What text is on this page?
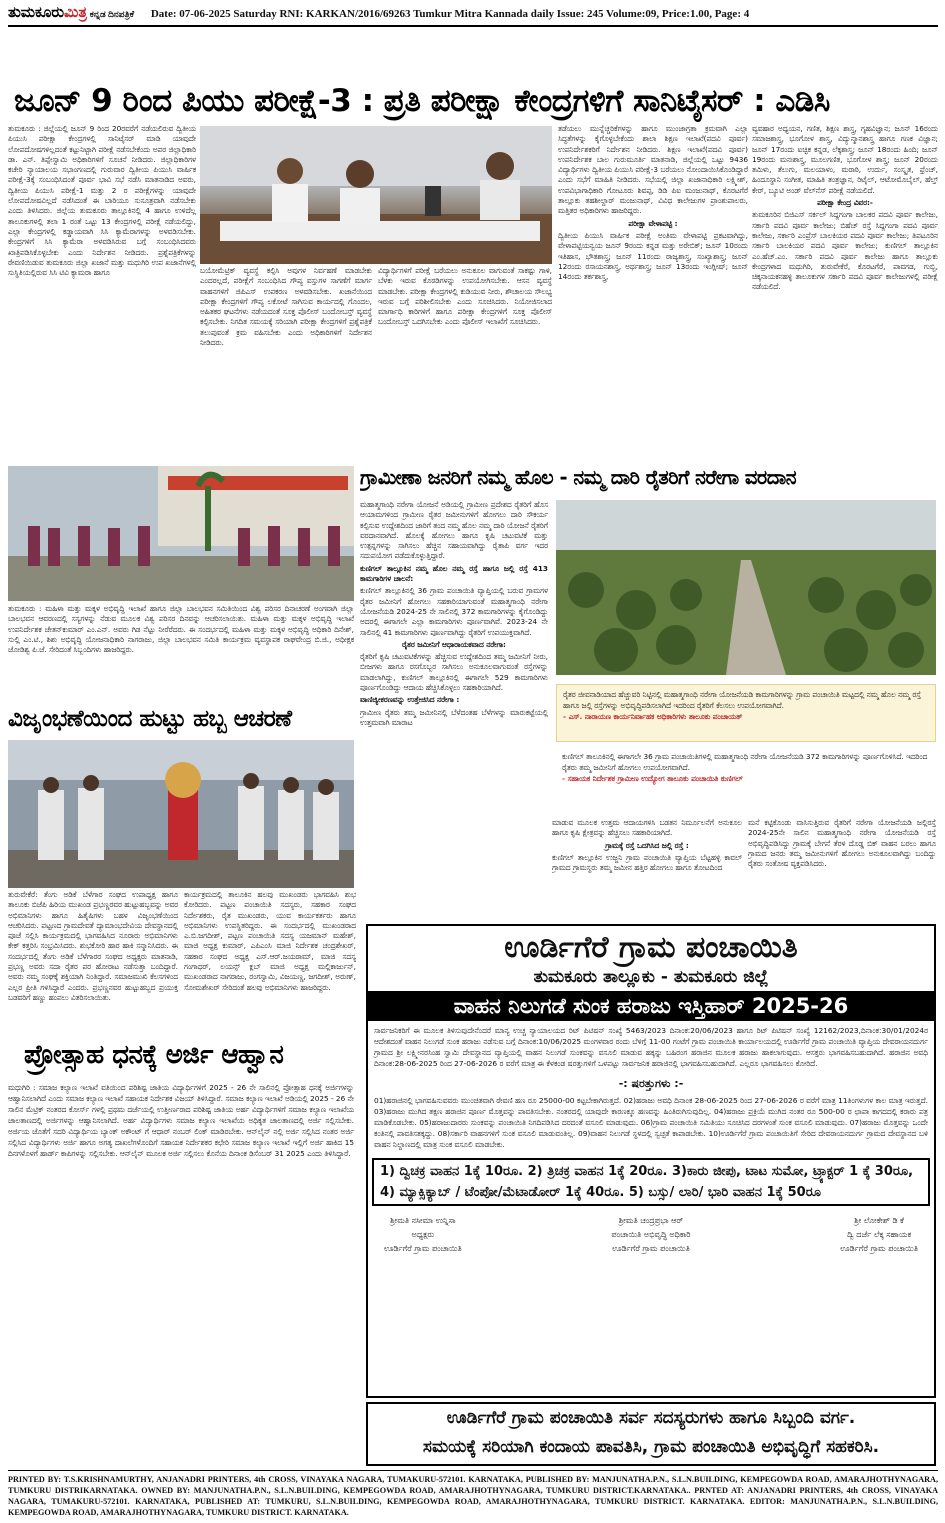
ತುಮಕೂರುಮಿತ್ರ ಕನ್ನಡ ದಿನಪತ್ರಿಕೆ Date: 07-06-2025 Saturday RNI: KARKAN/2016/69263 Tumkur Mitra Kannada daily Issue: 245 Volume:09, Price:1.00, Page: 4
ಜೂನ್ 9 ರಿಂದ ಪಿಯು ಪರೀಕ್ಷೆ-3 : ಪ್ರತಿ ಪರೀಕ್ಷಾ ಕೇಂದ್ರಗಳಿಗೆ ಸಾನಿಟೈಸರ್ : ಎಡಿಸಿ

ತುಮಕೂರು : ಜಿಲ್ಲೆಯಲ್ಲಿ ಜೂನ್ 9 ರಿಂದ 20ರವರೆಗೆ ನಡೆಯಲಿರುವ ದ್ವಿತೀಯ ಪಿಯುಸಿ ಪರೀಕ್ಷಾ ಕೇಂದ್ರಗಳಲ್ಲಿ ಸಾನಿಟೈಸರ್ ಮಾಡಿ ಯಾವುದೇ ಲೋಪದೋಷಗಳಿಲ್ಲದಂತೆ ಕಟ್ಟುನಿಟ್ಟಾಗಿ ಪರೀಕ್ಷೆ ನಡೆಸಬೇಕೆಂದು ಅಪರ ಜಿಲ್ಲಾಧಿಕಾರಿ ಡಾ. ಎನ್. ತಿಪ್ಪೇಸ್ವಾಮಿ ಅಧಿಕಾರಿಗಳಿಗೆ ಸೂಚನೆ ನೀಡಿದರು. ಜಿಲ್ಲಾಧಿಕಾರಿಗಳ ಕಚೇರಿ ನ್ಯಾಯಾಲಯ ಸಭಾಂಗಣದಲ್ಲಿ ಗುರುವಾರ ದ್ವಿತೀಯ ಪಿಯುಸಿ ವಾರ್ಷಿಕ ಪರೀಕ್ಷೆ-3ಕ್ಕೆ ಸಂಬಂಧಿಸಿದಂತೆ ಪೂರ್ವ ಭಾವಿ ಸಭೆ ನಡೆಸಿ ಮಾತನಾಡಿದ ಅವರು, ದ್ವಿತೀಯ ಪಿಯುಸಿ ಪರೀಕ್ಷೆ-1 ಮತ್ತು 2 ರ ಪರೀಕ್ಷೆಗಳನ್ನು ಯಾವುದೇ ಲೋಪದೋಷವಿಲ್ಲದೆ ನಡೆಸಿದಂತೆ ಈ ಬಾರಿಯೂ ಸುಸೂತ್ರವಾಗಿ ನಡೆಸಬೇಕು ಎಂದು ತಿಳಿಸಿದರು. ಜಿಲ್ಲೆಯ ತುಮಕೂರು ತಾಲ್ಲೂಕಿನಲ್ಲಿ 4 ಹಾಗೂ ಉಳಿದೆಲ್ಲ ತಾಲೂಕುಗಳಲ್ಲಿ ತಲಾ 1 ರಂತೆ ಒಟ್ಟು 13 ಕೇಂದ್ರಗಳಲ್ಲಿ ಪರೀಕ್ಷೆ ನಡೆಯಲಿದ್ದು, ಎಲ್ಲಾ ಕೇಂದ್ರಗಳಲ್ಲಿ ಕಡ್ಡಾಯವಾಗಿ ಸಿಸಿ ಕ್ಯಾಮೆರಾಗಳನ್ನು ಅಳವಡಿಸಬೇಕು. ಕೇಂದ್ರಗಳಿಗೆ ಸಿಸಿ ಕ್ಯಾಮೆರಾ ಅಳವಡಿಸಿರುವ ಬಗ್ಗೆ ಸಂಬಂಧಿಸಿದವರು ಖಾತ್ರಿಪಡಿಸಿಕೊಳ್ಳಬೇಕು ಎಂದು ನಿರ್ದೇಶನ ನೀಡಿದರು. ಪ್ರಶ್ನೆಪತ್ರಿಕೆಗಳನ್ನು ಠೇವಣಿಯಿಡುವ ತುಮಕೂರು ಜಿಲ್ಲಾ ಖಜಾನೆ ಮತ್ತು ಮಧುಗಿರಿ ಉಪ ಖಜಾನೆಗಳಲ್ಲಿ ಸುಸ್ಥಿತಿಯಲ್ಲಿರುವ ಸಿಸಿ ಟಿವಿ ಕ್ಯಾಮರಾ ಹಾಗೂ	ಬಯೋಮೆಟ್ರಿಕ್ ವ್ಯವಸ್ಥೆ ಕಲ್ಪಿಸಿ ಅವುಗಳ ನಿರ್ವಹಣೆ ಮಾಡಬೇಕು ಎಂದರಲ್ಲದೆ, ಪರೀಕ್ಷೆಗೆ ಸಂಬಂಧಿಸಿದ ಗೌಪ್ಯ ವಸ್ತುಗಳ ಸಾಗಣೆಗೆ ಮಾರ್ಗ ವಾಹನಗಳಿಗೆ ಜಿಪಿಎಸ್ ಉಪಕರಣ ಅಳವಡಿಸಬೇಕು. ಖಜಾನೆಯಿಂದ ಪರೀಕ್ಷಾ ಕೇಂದ್ರಗಳಿಗೆ ಗೌಪ್ಯ ಲಕೋಟೆ ಸಾಗಿಸುವ ಕಾರ್ಯದಲ್ಲಿ ಗೊಂದಲ, ಅಹಿತಕರ ಘಟನೆಗಳು ನಡೆಯದಂತೆ ಸೂಕ್ತ ಪೊಲೀಸ್ ಬಂದೋಬಸ್ತ್ ವ್ಯವಸ್ಥೆ ಕಲ್ಪಿಸಬೇಕು. ನಿಗದಿತ ಸಮಯಕ್ಕೆ ಸರಿಯಾಗಿ ಪರೀಕ್ಷಾ ಕೇಂದ್ರಗಳಿಗೆ ಪ್ರಶ್ನೆಪತ್ರಿಕೆ ತಲುಪುವಂತೆ ಕ್ರಮ ವಹಿಸಬೇಕು ಎಂದು ಅಧಿಕಾರಿಗಳಿಗೆ ನಿರ್ದೇಶನ ನೀಡಿದರು.

ವಿದ್ಯಾರ್ಥಿಗಳಿಗೆ ಪರೀಕ್ಷೆ ಬರೆಯಲು ಅನುಕೂಲ ವಾಗುವಂತೆ ಸಾಕಷ್ಟು ಗಾಳಿ, ಬೆಳಕು ಇರುವ ಕೊಠಡಿಗಳನ್ನು ಉಪಯೋಗಿಸಬೇಕು. ಆಸನ ವ್ಯವಸ್ಥೆ ಮಾಡಬೇಕು. ಪರೀಕ್ಷಾ ಕೇಂದ್ರಗಳಲ್ಲಿ ಕುಡಿಯುವ ನೀರು, ಶೌಚಾಲಯ ಸೌಲಭ್ಯ ಇರುವ ಬಗ್ಗೆ ಪರಿಶೀಲಿಸಬೇಕು ಎಂದು ಸೂಚಿಸಿದರು. ನಿಯೋಜಿಸಲಾದ ಮಾರ್ಗಾಧಿ ಕಾರಿಗಳಿಗೆ ಹಾಗೂ ಪರೀಕ್ಷಾ ಕೇಂದ್ರಗಳಿಗೆ ಸೂಕ್ತ ಪೊಲೀಸ್ ಬಂದೋಬಸ್ತ್ ಒದಗಿಸಬೇಕು ಎಂದು ಪೊಲೀಸ್ ಇಲಾಖೆಗೆ ಸೂಚಿಸಿದರು.

ತಡೆಯಲು ಮುನ್ನೆಚ್ಚರಿಕೆಗಳನ್ನು ಹಾಗೂ ಮುಂಜಾಗ್ರತಾ ಕ್ರಮವಾಗಿ ಎಲ್ಲಾ ಸಿದ್ಧತೆಗಳನ್ನು ಕೈಗೊಳ್ಳಬೇಕೆಂದು ಶಾಲಾ ಶಿಕ್ಷಣ ಇಲಾಖೆ(ಪದವಿ ಪೂರ್ವ) ಉಪನಿರ್ದೇಶಕರಿಗೆ ನಿರ್ದೇಶನ ನೀಡಿದರು. ಶಿಕ್ಷಣ ಇಲಾಖೆ(ಪದವಿ ಪೂರ್ವ) ಉಪನಿರ್ದೇಶಕ ಬಾಲ ಗುರುಮೂರ್ತಿ ಮಾತನಾಡಿ, ಜಿಲ್ಲೆಯಲ್ಲಿ ಒಟ್ಟು 9436 ವಿದ್ಯಾರ್ಥಿಗಳು ದ್ವಿತೀಯ ಪಿಯುಸಿ ಪರೀಕ್ಷೆ-3 ಬರೆಯಲು ನೋಂದಾಯಿಸಿಕೊಂಡಿದ್ದಾರೆ ಎಂದು ಸಭೆಗೆ ಮಾಹಿತಿ ನೀಡಿದರು. ಸಭೆಯಲ್ಲಿ ಜಿಲ್ಲಾ ಖಜಾನಾಧಿಕಾರಿ ಲಕ್ಷ್ಮೀಶ್, ಉಪವಿಭಾಗಾಧಿಕಾರಿ ಗೋಟೂರು ಶಿವಪ್ಪ, ಡಿಡಿ ಪಿಐ ಮಂಜುನಾಥ್, ಕೊರಟಗೆರೆ ತಾಲ್ಲೂಕು ತಹಶೀಲ್ದಾರ್ ಮಂಜುನಾಥ್, ವಿವಿಧ ಕಾಲೇಜುಗಳ ಪ್ರಾಂಶುಪಾಲರು, ಮತ್ತಿತರ ಅಧಿಕಾರಿಗಳು ಹಾಜರಿದ್ದರು.

ಪರೀಕ್ಷಾ ವೇಳಾಪಟ್ಟಿ :

ದ್ವಿತೀಯ ಪಿಯುಸಿ ವಾರ್ಷಿಕ ಪರೀಕ್ಷೆ ಅಂತಿಮ ವೇಳಾಪಟ್ಟಿ ಪ್ರಕಟವಾಗಿದ್ದು, ವೇಳಾಪಟ್ಟಿಯನ್ವಯ ಜೂನ್ 9ರಂದು ಕನ್ನಡ ಮತ್ತು ಅರೇಬಿಕ್; ಜೂನ್ 10ರಂದು ಇತಿಹಾಸ, ಭೌತಶಾಸ್ತ್ರ; ಜೂನ್ 11ರಂದು ರಾಜ್ಯಶಾಸ್ತ್ರ, ಸಂಖ್ಯಾಶಾಸ್ತ್ರ; ಜೂನ್ 12ರಂದು ರಸಾಯನಶಾಸ್ತ್ರ, ಅರ್ಥಶಾಸ್ತ್ರ; ಜೂನ್ 13ರಂದು ಇಂಗ್ಲೀಷ್; ಜೂನ್ 14ರಂದು ತರ್ಕಶಾಸ್ತ್ರ,

ವ್ಯವಹಾರ ಅಧ್ಯಯನ, ಗಣಿತ, ಶಿಕ್ಷಣ ಶಾಸ್ತ್ರ, ಗೃಹವಿಜ್ಞಾನ; ಜೂನ್ 16ರಂದು ಸಮಾಜಶಾಸ್ತ್ರ, ಭೂಗೋಳ ಶಾಸ್ತ್ರ, ವಿದ್ಯುನ್ಮಾನಶಾಸ್ತ್ರ ಹಾಗೂ ಗಣಕ ವಿಜ್ಞಾನ; ಜೂನ್ 17ರಂದು ಐಚ್ಛಿಕ ಕನ್ನಡ, ಲೆಕ್ಕಶಾಸ್ತ್ರ; ಜೂನ್ 18ರಂದು ಹಿಂದಿ; ಜೂನ್ 19ರಂದು ಮನಃಶಾಸ್ತ್ರ, ಮೂಲಗಣಿತ, ಭೂಗೋಳ ಶಾಸ್ತ್ರ; ಜೂನ್ 20ರಂದು ತಮಿಳು, ತೆಲುಗು, ಮಲಯಾಳಂ, ಮರಾಠಿ, ಉರ್ದು, ಸಂಸ್ಕೃತ, ಫ್ರೆಂಚ್, ಹಿಂದೂಸ್ಥಾನಿ ಸಂಗೀತ, ಮಾಹಿತಿ ತಂತ್ರಜ್ಞಾನ, ರಿಟೈಲ್, ಆಟೋಮೊಬೈಲ್, ಹೆಲ್ತ್ ಕೇರ್, ಬ್ಯೂಟಿ ಅಂಡ್ ವೆಲ್‌ನೆಸ್ ಪರೀಕ್ಷೆ ನಡೆಯಲಿದೆ.

ಪರೀಕ್ಷಾ ಕೇಂದ್ರ ವಿವರ:-

ತುಮಕೂರಿನ ಬಿಜಿಎಸ್ ಸರ್ಕಲ್ ಸಿದ್ದಗಂಗಾ ಬಾಲಕರ ಪದವಿ ಪೂರ್ವ ಕಾಲೇಜು, ಸರ್ಕಾರಿ ಪದವಿ ಪೂರ್ವ ಕಾಲೇಜು; ಬಿಹೆಚ್ ರಸ್ತೆ ಸಿದ್ದಗಂಗಾ ಪದವಿ ಪೂರ್ವ ಕಾಲೇಜು, ಸರ್ಕಾರಿ ಎಂಪ್ರೆಸ್ ಬಾಲಕಿಯರ ಪದವಿ ಪೂರ್ವ ಕಾಲೇಜು; ತಿಪಟೂರಿನ ಸರ್ಕಾರಿ ಬಾಲಕಿಯರ ಪದವಿ ಪೂರ್ವ ಕಾಲೇಜು; ಕುಣಿಗಲ್ ತಾಲ್ಲೂಕಿನ ಎಂ.ಹೆಚ್.ಎಂ. ಸರ್ಕಾರಿ ಪದವಿ ಪೂರ್ವ ಕಾಲೇಜು ಹಾಗೂ ತಾಲ್ಲೂಕು ಕೇಂದ್ರಗಳಾದ ಮಧುಗಿರಿ, ತುರುವೇಕೆರೆ, ಕೊರಟಗೆರೆ, ಪಾವಗಡ, ಗುಬ್ಬಿ, ಚಿಕ್ಕನಾಯಕನಹಳ್ಳಿ ತಾಲೂಕುಗಳ ಸರ್ಕಾರಿ ಪದವಿ ಪೂರ್ವ ಕಾಲೇಜುಗಳಲ್ಲಿ ಪರೀಕ್ಷೆ ನಡೆಯಲಿದೆ.

ತುಮಕೂರು : ಮಹಿಳಾ ಮತ್ತು ಮಕ್ಕಳ ಅಭಿವೃದ್ಧಿ ಇಲಾಖೆ ಹಾಗೂ ಜಿಲ್ಲಾ ಬಾಲಭವನ ಸಮಿತಿಯಿಂದ ವಿಶ್ವ ಪರಿಸರ ದಿನಾಚರಣೆ ಅಂಗವಾಗಿ ಜಿಲ್ಲಾ ಬಾಲಭವನ ಆವರಣದಲ್ಲಿ ಸಸ್ಯಗಳನ್ನು ನೆಡುವ ಮೂಲಕ ವಿಶ್ವ ಪರಿಸರ ದಿನವನ್ನು ಆಚರಿಸಲಾಯಿತು. ಮಹಿಳಾ ಮತ್ತು ಮಕ್ಕಳ ಅಭಿವೃದ್ಧಿ ಇಲಾಖೆ ಉಪನಿರ್ದೇಶಕ ಚೇತನ್‌ಕುಮಾರ್ ಎಂ.ಎನ್. ಅವರು ಗಿಡ ನೆಟ್ಟು ನೀರೆರೆದರು. ಈ ಸಂದರ್ಭದಲ್ಲಿ ಮಹಿಳಾ ಮತ್ತು ಮಕ್ಕಳ ಅಭಿವೃದ್ಧಿ ಅಧಿಕಾರಿ ದಿನೇಶ್, ಸುಲ್ಲಿ ಎಂ.ಟಿ., ಶಿಶು ಅಭಿವೃದ್ಧಿ ಯೋಜನಾಧಿಕಾರಿ ನಾಗರಾಜು, ಜಿಲ್ಲಾ ಬಾಲಭವನ ಸಮಿತಿ ಕಾರ್ಯಕ್ರಮ ವ್ಯವಸ್ಥಾಪಕ ರಾಘವೇಂದ್ರ ಬಿ.ಜಿ., ಅಧೀಕ್ಷಕ ಜೋಡಿಶ್ವ ಪಿ.ಜೆ. ಸೇರಿದಂತೆ ಸಿಬ್ಬಂದಿಗಳು ಹಾಜರಿದ್ದರು.
ಗ್ರಾಮೀಣಾ ಜನರಿಗೆ ನಮ್ಮ ಹೊಲ - ನಮ್ಮ ದಾರಿ ರೈತರಿಗೆ ನರೇಗಾ ವರದಾನ

ಮಹಾತ್ಮಗಾಂಧಿ ನರೇಗಾ ಯೋಜನೆ ಅಡಿಯಲ್ಲಿ ಗ್ರಾಮೀಣ ಪ್ರದೇಶದ ರೈತರಿಗೆ ಹೊಸ ಆಯಾಮಗಳಿಂದ ಗ್ರಾಮೀಣ ರೈತರ ಜಮೀನುಗಳಿಗೆ ಹೋಗಲು ದಾರಿ ಸೌಕರ್ಯ ಕಲ್ಪಿಸುವ ಉದ್ದೇಶದಿಂದ ಜಾರಿಗೆ ತಂದ ನಮ್ಮ ಹೊಲ ನಮ್ಮ ದಾರಿ ಯೋಜನೆ ರೈತರಿಗೆ ವರದಾನವಾಗಿದೆ. ಹೊಲಕ್ಕೆ ಹೋಗಲು ಹಾಗೂ ಕೃಷಿ ಚಟುವಟಿಕೆ ಮತ್ತು ಉತ್ಪನ್ನಗಳನ್ನು ಸಾಗಿಸಲು ಹೆಚ್ಚಿನ ಸಹಾಯವಾಗಿದ್ದು ರೈತಾಪಿ ವರ್ಗ ಇದರ ಸದುಪಯೋಗ ಪಡೆದುಕೊಳ್ಳುತ್ತಿದ್ದಾರೆ.

ಕುಣಿಗಲ್ ತಾಲ್ಲೂಕಿನ ನಮ್ಮ ಹೊಲ ನಮ್ಮ ರಸ್ತೆ ಹಾಗೂ ಜಲ್ಲಿ ರಸ್ತೆ 413 ಕಾಮಗಾರಿಗಳ ಚಾಲನೆ:

ಕುಣಿಗಲ್ ತಾಲ್ಲೂಕಿನಲ್ಲಿ 36 ಗ್ರಾಮ ಪಂಚಾಯಿತಿ ವ್ಯಾಪ್ತಿಯಲ್ಲಿ ಬರುವ ಗ್ರಾಮಗಳ ರೈತರ ಜಮೀನಿಗೆ ಹೋಗಲು ಸಹಕಾರಿಯಾಗುವಂತೆ ಮಹಾತ್ಮಗಾಂಧಿ ನರೇಗಾ ಯೋಜನೆಯಡಿ 2024-25 ನೇ ಸಾಲಿನಲ್ಲಿ 372 ಕಾಮಗಾರಿಗಳನ್ನು ಕೈಗೊಂಡಿದ್ದು ಅದರಲ್ಲಿ ಈಗಾಗಲೇ ಎಲ್ಲಾ ಕಾಮಗಾರಿಗಳು ಪೂರ್ಣವಾಗಿವೆ. 2023-24 ನೇ ಸಾಲಿನಲ್ಲಿ 41 ಕಾಮಗಾರಿಗಳು ಪೂರ್ಣವಾಗಿದ್ದು ರೈತರಿಗೆ ಉಪಯುಕ್ತವಾಗಿದೆ.

ರೈತರ ಜಮೀನಿಗೆ ಆಧಾರಾಯಕವಾದ ನರೇಗಾ:

ರೈತರಿಗೆ ಕೃಷಿ ಚಟುವಟಿಕೆಗಳನ್ನು ಹೆಚ್ಚಿಸುವ ಉದ್ದೇಶದಿಂದ ತಮ್ಮ ಜಮೀನಿಗೆ ನೀರು, ಬೀಜಗಳು ಹಾಗೂ ರಸಗೊಬ್ಬರ ಸಾಗಿಸಲು ಅನುಕೂಲವಾಗುವಂತೆ ರಸ್ತೆಗಳನ್ನು ಮಾಡಲಾಗಿದ್ದು, ಕುಣಿಗಲ್ ತಾಲ್ಲೂಕಿನಲ್ಲಿ ಈಗಾಗಲೇ 529 ಕಾಮಗಾರಿಗಳು ಪೂರ್ಣಗೊಂಡಿದ್ದು ಆದಾಯ ಹೆಚ್ಚಿಸಿಕೊಳ್ಳಲು ಸಹಕಾರಿಯಾಗಿದೆ.

ವಾಣಿಜ್ಯೀಕರಣವನ್ನು ಉತ್ತೇಜಿಸಿದ ನರೇಗಾ :

ಗ್ರಾಮೀಣ ರೈತರು ತಮ್ಮ ಜಮೀನಿನಲ್ಲಿ ಬೆಳೆದಂತಹ ಬೆಳೆಗಳನ್ನು ಮಾರುಕಟ್ಟೆಯಲ್ಲಿ ಉತ್ತಮವಾಗಿ ಮಾರಾಟ

ರೈತರ ಜೀವನಾಡಿಯಾದ ಹೆಚ್ಚುವರಿ ನಿಟ್ಟಿನಲ್ಲಿ ಮಹಾತ್ಮಗಾಂಧಿ ನರೇಗಾ ಯೋಜನೆಯಡಿ ಕಾಮಗಾರಿಗಳನ್ನು ಗ್ರಾಮ ಪಂಚಾಯಿತಿ ಮಟ್ಟದಲ್ಲಿ ನಮ್ಮ ಹೊಲ ನಮ್ಮ ರಸ್ತೆ ಹಾಗೂ ಜಲ್ಲಿ ರಸ್ತೆಗಳನ್ನು ಅಭಿವೃದ್ಧಿಪಡಿಸಲಾಗಿದೆ ಇದರಿಂದ ರೈತರಿಗೆ ಕೆಲಸಲು ಉಪಯೋಗವಾಗಿದೆ.
- ಎಸ್. ನಾರಾಯಣ ಕಾರ್ಯನಿರ್ವಾಹಕ ಅಧಿಕಾರಿಗಳು ತಾಲೂಕು ಪಂಚಾಯತ್
ಕುಣಿಗಲ್ ತಾಲೂಕಿನಲ್ಲಿ ಈಗಾಗಲೇ 36 ಗ್ರಾಮ ಪಂಚಾಯಿತಿಗಳಲ್ಲಿ ಮಹಾತ್ಮಗಾಂಧಿ ನರೇಗಾ ಯೋಜನೆಯಡಿ 372 ಕಾಮಗಾರಿಗಳನ್ನು ಪೂರ್ಣಗೊಳಿಸಿದೆ. ಇದರಿಂದ ರೈತರು ತಮ್ಮ ಜಮೀನಿಗೆ ಹೋಗಲು ಉಪಯೋಗವಾಗಿದೆ.
- ಸಹಾಯಕ ನಿರ್ದೇಶಕ ಗ್ರಾಮೀಣ ಉದ್ಯೋಗ ತಾಲೂಕು ಪಂಚಾಯಿತಿ ಕುಣಿಗಲ್

ಮಾಡುವ ಮೂಲಕ ಉತ್ತಮ ಆದಾಯಗಳಿಸಿ ಬಡತನ ನಿರ್ಮೂಲನೆಗೆ ಅನುಕೂಲ ಹಾಗೂ ಕೃಷಿ ಕ್ಷೇತ್ರವನ್ನು ಹೆಚ್ಚಿಸಲು ಸಹಕಾರಿಯಾಗಿದೆ.

ಗ್ರಾಮಕ್ಕೆ ರಸ್ತೆ ಒದಗಿಸಿದ ಜಲ್ಲಿ ರಸ್ತೆ :

ಕುಣಿಗಲ್ ತಾಲ್ಲೂಕಿನ ಉಜ್ಜನಿ ಗ್ರಾಮ ಪಂಚಾಯಿತಿ ವ್ಯಾಪ್ತಿಯ ಬೆಟ್ಟಹಳ್ಳಿ ಕಾವಲ್ ಗ್ರಾಮದ ಗ್ರಾಮಸ್ಥರು ತಮ್ಮ ಜಮೀನ ಹತ್ತಿರ ಹೋಗಲು ಹಾಗೂ ತೋಟದಿಂದ

ಮನೆ ಕಟ್ಟಿಕೊಂಡು ವಾಸಿಸುತ್ತಿರುವ ರೈತರಿಗೆ ನರೇಗಾ ಯೋಜನೆಯಡಿ ಜಲ್ಲಿರಸ್ತೆ 2024-25ನೇ ಸಾಲಿನ ಮಹಾತ್ಮಗಾಂಧಿ ನರೇಗಾ ಯೋಜನೆಯಡಿ ರಸ್ತೆ ಅಭಿವೃದ್ಧಿಪಡಿಸಿದ್ದು ಗ್ರಾಮಕ್ಕೆ ಬೇಗನೆ ತೆರಳಿ ದೊಡ್ಡ ಬಿಕ್ ವಾಹನ ಬರಲು ಹಾಗೂ ಗ್ರಾಮದ ಜನರು ತಮ್ಮ ಜಮೀನುಗಳಿಗೆ ಹೋಗಲು ಅನುಕೂಲವಾಗಿದ್ದು ಬಂದಿದ್ದು ರೈತರು ಸಂತೋಷ ವ್ಯಕ್ತಪಡಿಸಿದರು.

ವಿಜೃಂಭಣೆಯಿಂದ ಹುಟ್ಟು ಹಬ್ಬ ಆಚರಣೆ

ತುರುವೇಕೆರೆ: ತೆಂಗು ಅಡಿಕೆ ಬೆಳೆಗಾರ ಸಂಘದ ಉಪಾಧ್ಯಕ್ಷ ಹಾಗೂ ತಾಲೂಕು ಬಿಜೆಪಿ ಹಿರಿಯ ಮುಖಂಡ ಪ್ರಭಣ್ಣರವರ ಹುಟ್ಟುಹಬ್ಬವನ್ನು ಅವರ ಅಭಿಮಾನಿಗಳು ಹಾಗೂ ಹಿತೈಷಿಗಳು ಬಹಳ ವಿಜೃಂಭಣೆಯಿಂದ ಆಚರಿಸಿದರು. ಪಟ್ಟಣದ ಗ್ರಾಮದೇವತೆ ದ್ಯಾಮಾಂಭದೇವಿಯ ದೇವಸ್ಥಾನದಲ್ಲಿ ಪೂಜೆ ಸಲ್ಲಿಸಿ ಕಾರ್ಯಕ್ರಮದಲ್ಲಿ ಭಾಗವಹಿಸಿದ ನೂರಾರು ಅಭಿಮಾನಿಗಳು ಕೇಕ್ ಕತ್ತರಿಸಿ ಸಂಭ್ರಮಿಸಿದರು. ಶುಭಕೋರಿ ಹಾರ ಹಾಕಿ ಸನ್ಮಾನಿಸಿದರು. ಈ ಸಂದರ್ಭದಲ್ಲಿ ತೆಂಗು ಅಡಿಕೆ ಬೆಳೆಗಾರರ ಸಂಘದ ಅಧ್ಯಕ್ಷರು ಮಾತನಾಡಿ, ಪ್ರಭಣ್ಣ ಅವರು ಸದಾ ರೈತರ ಪರ ಹೋರಾಟ ನಡೆಸುತ್ತಾ ಬಂದಿದ್ದಾರೆ. ಅವರು ನಮ್ಮ ಸಂಘಕ್ಕೆ ಶಕ್ತಿಯಾಗಿ ನಿಂತಿದ್ದಾರೆ. ಸಮಾಜಮುಖಿ ಕೆಲಸಗಳಿಂದ ಎಲ್ಲರ ಪ್ರೀತಿ ಗಳಿಸಿದ್ದಾರೆ ಎಂದರು. ಪ್ರಭಣ್ಣನವರ ಹುಟ್ಟುಹಬ್ಬದ ಪ್ರಯುಕ್ತ ಬಡವರಿಗೆ ಹಣ್ಣು ಹಂಪಲು ವಿತರಿಸಲಾಯಿತು.

ಕಾರ್ಯಕ್ರಮದಲ್ಲಿ ತಾಲೂಕಿನ ಹಲವು ಮುಖಂಡರು ಭಾಗವಹಿಸಿ ಶುಭ ಕೋರಿದರು. ಪಟ್ಟಣ ಪಂಚಾಯಿತಿ ಸದಸ್ಯರು, ಸಹಕಾರ ಸಂಘದ ನಿರ್ದೇಶಕರು, ರೈತ ಮುಖಂಡರು, ಯುವ ಕಾರ್ಯಕರ್ತರು ಹಾಗೂ ಅಭಿಮಾನಿಗಳು ಉಪಸ್ಥಿತರಿದ್ದರು. ಈ ಸಂದರ್ಭದಲ್ಲಿ ಮುಖಂಡರಾದ ಎ.ಬಿ.ಜಗದೀಶ್, ಪಟ್ಟಣ ಪಂಚಾಯಿತಿ ಸದಸ್ಯ ಯಜಮಾನ್ ಮಹೇಶ್, ಮಾಜಿ ಅಧ್ಯಕ್ಷ ಕುಮಾರ್, ಎಪಿಎಂಸಿ ಮಾಜಿ ನಿರ್ದೇಶಕ ಚಂದ್ರಶೇಖರ್, ಸಹಕಾರ ಸಂಘದ ಅಧ್ಯಕ್ಷ ಎಸ್.ಆರ್.ಜಯರಾಮ್, ಮಾಜಿ ಸದಸ್ಯ ಗಂಗಾಧರ್, ಲಯನ್ಸ್ ಕ್ಲಬ್ ಮಾಜಿ ಅಧ್ಯಕ್ಷ ಮಲ್ಲಿಕಾರ್ಜುನ್, ಮುಖಂಡರಾದ ನಾಗರಾಜು, ರಂಗಸ್ವಾಮಿ, ವಿಜಯಣ್ಣ, ಜಗದೀಶ್, ಅರುಣ್, ಸೋಮಶೇಖರ್ ಸೇರಿದಂತೆ ಹಲವು ಅಭಿಮಾನಿಗಳು ಹಾಜರಿದ್ದರು.

ಪ್ರೋತ್ಸಾಹ ಧನಕ್ಕೆ ಅರ್ಜಿ ಆಹ್ವಾನ

ಮಧುಗಿರಿ : ಸಮಾಜ ಕಲ್ಯಾಣ ಇಲಾಖೆ ವತಿಯಿಂದ ಪರಿಶಿಷ್ಟ ಜಾತಿಯ ವಿದ್ಯಾರ್ಥಿಗಳಿಗೆ 2025 - 26 ನೇ ಸಾಲಿನಲ್ಲಿ ಪ್ರೋತ್ಸಾಹ ಧನಕ್ಕೆ ಅರ್ಜಿಗಳನ್ನು ಆಹ್ವಾನಿಸಲಾಗಿದೆ ಎಂದು ಸಮಾಜ ಕಲ್ಯಾಣ ಇಲಾಖೆ ಸಹಾಯಕ ನಿರ್ದೇಶಕ ವಿಜಯ್ ತಿಳಿಸಿದ್ದಾರೆ. ಸಮಾಜ ಕಲ್ಯಾಣ ಇಲಾಖೆ ಅಡಿಯಲ್ಲಿ 2025 - 26 ನೇ ಸಾಲಿನ ಮೆಟ್ರಿಕ್ ನಂತರದ ಕೋರ್ಸ್ ಗಳಲ್ಲಿ ಪ್ರಥಮ ದರ್ಜೆಯಲ್ಲಿ ಉತ್ತೀರ್ಣರಾದ ಪರಿಶಿಷ್ಟ ಜಾತಿಯ ಅರ್ಹ ವಿದ್ಯಾರ್ಥಿಗಳಿಗೆ ಸಮಾಜ ಕಲ್ಯಾಣ ಇಲಾಖೆಯ ಜಾಲತಾಣದಲ್ಲಿ ಅರ್ಜಿಗಳನ್ನು ಆಹ್ವಾನಿಸಲಾಗಿದೆ. ಅರ್ಹ ವಿದ್ಯಾರ್ಥಿಗಳು ಸಮಾಜ ಕಲ್ಯಾಣ ಇಲಾಖೆಯ ಅಧಿಕೃತ ಜಾಲತಾಣದಲ್ಲಿ ಅರ್ಜಿ ಸಲ್ಲಿಸಬೇಕು. ಅರ್ಜಿಯ ಜೊತೆಗೆ ಸದರಿ ವಿದ್ಯಾರ್ಥಿಯ ಬ್ಯಾಂಕ್ ಅಕೌಂಟ್ ಗೆ ಆಧಾರ್ ನಂಬರ್ ಲಿಂಕ್ ಮಾಡಿರಬೇಕು. ಆನ್‌ಲೈನ್ ನಲ್ಲಿ ಅರ್ಜಿ ಸಲ್ಲಿಸಿದ ನಂತರ ಅರ್ಜಿ ಸಲ್ಲಿಸಿದ ವಿದ್ಯಾರ್ಥಿಗಳು ಅರ್ಜಿ ಹಾಗೂ ಅಗತ್ಯ ದಾಖಲೆಗಳೊಂದಿಗೆ ಸಹಾಯಕ ನಿರ್ದೇಶಕರ ಕಛೇರಿ ಸಮಾಜ ಕಲ್ಯಾಣ ಇಲಾಖೆ ಇಲ್ಲಿಗೆ ಅರ್ಜಿ ಹಾಕಿದ 15 ದಿನಗಳೊಳಗೆ ಹಾರ್ಡ್ ಕಾಪಿಗಳನ್ನು ಸಲ್ಲಿಸಬೇಕು. ಆನ್‌ಲೈನ್ ಮೂಲಕ ಅರ್ಜಿ ಸಲ್ಲಿಸಲು ಕೊನೆಯ ದಿನಾಂಕ ಡಿಸೆಂಬರ್ 31 2025 ಎಂದು ತಿಳಿಸಿದ್ದಾರೆ.

ಊರ್ಡಿಗೆರೆ ಗ್ರಾಮ ಪಂಚಾಯಿತಿ
ತುಮಕೂರು ತಾಲ್ಲೂಕು - ತುಮಕೂರು ಜಿಲ್ಲೆ
ವಾಹನ ನಿಲುಗಡೆ ಸುಂಕ ಹರಾಜು ಇಸ್ತಿಹಾರ್ 2025-26
ಸಾರ್ವಜನಿಕರಿಗೆ ಈ ಮೂಲಕ ತಿಳಿಸುವುದೇನೆಂದರೆ ಮಾನ್ಯ ಉಚ್ಚ ನ್ಯಾಯಾಲಯದ ರಿಟ್ ಪಿಟಿಷನ್ ಸಂಖ್ಯೆ 5463/2023 ದಿನಾಂಕ:20/06/2023 ಹಾಗೂ ರಿಟ್ ಪಿಟಿಷನ್ ಸಂಖ್ಯೆ 12162/2023,ದಿನಾಂಕ:30/01/2024ರ ಆದೇಶದಂತೆ ವಾಹನ ನಿಲುಗಡೆ ಸುಂಕ ಹರಾಜು ನಡೆಸುವ ಬಗ್ಗೆ ದಿನಾಂಕ:10/06/2025 ಮಂಗಳವಾರ ರಂದು ಬೆಳಿಗ್ಗೆ 11-00 ಗಂಟೆಗೆ ಗ್ರಾಮ ಪಂಚಾಯಿತಿ ಕಾರ್ಯಾಲಯದಲ್ಲಿ ಊರ್ಡಿಗೆರೆ ಗ್ರಾಮ ಪಂಚಾಯಿತಿ ವ್ಯಾಪ್ತಿಯ ದೇವರಾಯನದುರ್ಗ ಗ್ರಾಮದ ಶ್ರೀ ಲಕ್ಷ್ಮೀನರಸಿಂಹ ಸ್ವಾಮಿ ದೇವಸ್ಥಾನದ ವ್ಯಾಪ್ತಿಯಲ್ಲಿ ವಾಹನ ನಿಲುಗಡೆ ಸುಂಕವನ್ನು ವಸೂಲಿ ಮಾಡುವ ಹಕ್ಕನ್ನು ಬಹಿರಂಗ ಹರಾಜಿನ ಮೂಲಕ ಹರಾಜು ಹಾಕಲಾಗುವುದು. ಆಸಕ್ತರು ಭಾಗವಹಿಸಬಹುದಾಗಿದೆ. ಹರಾಜಿನ ಅವಧಿ ದಿನಾಂಕ:28-06-2025 ರಿಂದ 27-06-2026 ರ ವರೆಗೆ ಮಾತ್ರ ಈ ಕೆಳಕಂಡ ಷರತ್ತುಗಳಿಗೆ ಒಳಪಟ್ಟು ಸಾರ್ವಜನಿಕ ಹರಾಜಿನಲ್ಲಿ ಭಾಗವಹಿಸಬಹುದಾಗಿದೆ. ಎಲ್ಲರೂ ಭಾಗವಹಿಸಲು ಕೋರಿದೆ.
-: ಷರತ್ತುಗಳು :-
01)ಹರಾಜಿನಲ್ಲಿ ಭಾಗವಹಿಸುವವರು ಮುಂಚಿತವಾಗಿ ಠೇವಣಿ ಹಣ ರೂ 25000-00 ಕಟ್ಟಬೇಕಾಗಿರುತ್ತದೆ. 02)ಹರಾಜು ಅವಧಿ ದಿನಾಂಕ 28-06-2025 ರಿಂದ 27-06-2026 ರ ವರೆಗೆ ಮಾತ್ರ 11ತಿಂಗಳುಗಳ ಕಾಲ ಮಾತ್ರ ಇರುತ್ತದೆ. 03)ಹರಾಜು ಮುಗಿದ ತಕ್ಷಣ ಹರಾಜಿನ ಪೂರ್ಣ ಮೊತ್ತವನ್ನು ಪಾವತಿಸಬೇಕು. ನಂತರದಲ್ಲಿ ಯಾವುದೇ ಕಾರಣಕ್ಕೂ ಹಣವನ್ನು ಹಿಂತಿರುಗಿಸುವುದಿಲ್ಲ. 04)ಹರಾಜು ಪ್ರಕ್ರಿಯೆ ಮುಗಿದ ನಂತರ ರೂ 500-00 ರ ಛಾಪಾ ಕಾಗದದಲ್ಲಿ ಕರಾರು ಪತ್ರ ಮಾಡಿಕೊಡಬೇಕು. 05)ಹರಾಜುದಾರರು ಸುಂಕವನ್ನು ಪಂಚಾಯಿತಿ ನಿಗದಿಪಡಿಸಿದ ದರದಂತೆ ವಸೂಲಿ ಮಾಡುವುದು. 06)ಗ್ರಾಮ ಪಂಚಾಯಿತಿ ಸಮಿತಿಯು ಸೂಚಿಸಿದ ದರಗಳಂತೆ ಸುಂಕ ವಸೂಲಿ ಮಾಡುವುದು. 07)ಹರಾಜು ಮೊತ್ತವನ್ನು ಒಂದೇ ಕಂತಿನಲ್ಲಿ ಪಾವತಿಸತಕ್ಕದ್ದು. 08)ಸರ್ಕಾರಿ ವಾಹನಗಳಿಗೆ ಸುಂಕ ವಸೂಲಿ ಮಾಡುವಂತಿಲ್ಲ. 09)ವಾಹನ ನಿಲುಗಡೆ ಸ್ಥಳದಲ್ಲಿ ಸ್ವಚ್ಛತೆ ಕಾಪಾಡಬೇಕು. 10)ಊರ್ಡಿಗೆರೆ ಗ್ರಾಮ ಪಂಚಾಯಿತಿಗೆ ಸೇರಿದ ದೇವರಾಯನದುರ್ಗ ಗ್ರಾಮದ ದೇವಸ್ಥಾನದ ಬಳಿ ವಾಹನ ನಿಲ್ದಾಣದಲ್ಲಿ ಮಾತ್ರ ಸುಂಕ ವಸೂಲಿ ಮಾಡಬೇಕು.
1) ದ್ವಿಚಕ್ರ ವಾಹನ 1ಕ್ಕೆ 10ರೂ. 2) ತ್ರಿಚಕ್ರ ವಾಹನ 1ಕ್ಕೆ 20ರೂ. 3)ಕಾರು ಜೀಪು, ಟಾಟ ಸುಮೋ, ಟ್ರ್ಯಾಕ್ಟರ್ 1 ಕ್ಕೆ 30ರೂ, 4) ಮ್ಯಾಕ್ಸಿಕ್ಯಾಬ್ / ಟೆಂಪೋ/ಮೆಟಾಡೋರ್ 1ಕ್ಕೆ 40ರೂ. 5) ಬಸ್ಸು/ ಲಾರಿ/ ಭಾರಿ ವಾಹನ 1ಕ್ಕೆ 50ರೂ
ಶ್ರೀಮತಿ ನಸೀಮಾ ಉನ್ನಿಸಾ
ಅಧ್ಯಕ್ಷರು
ಊರ್ಡಿಗೆರೆ ಗ್ರಾಮ ಪಂಚಾಯಿತಿ
ಶ್ರೀಮತಿ ಚಂದ್ರಪ್ರಭಾ ಆರ್
ಪಂಚಾಯಿತಿ ಅಭಿವೃದ್ಧಿ ಅಧಿಕಾರಿ
ಊರ್ಡಿಗೆರೆ ಗ್ರಾಮ ಪಂಚಾಯಿತಿ
ಶ್ರೀ ಲೋಕೇಶ್ ಡಿ ಕೆ
ದ್ವಿ ದರ್ಜೆ ಲೆಕ್ಕ ಸಹಾಯಕ
ಊರ್ಡಿಗೆರೆ ಗ್ರಾಮ ಪಂಚಾಯಿತಿ
ಊರ್ಡಿಗೆರೆ ಗ್ರಾಮ ಪಂಚಾಯಿತಿ ಸರ್ವ ಸದಸ್ಯರುಗಳು ಹಾಗೂ ಸಿಬ್ಬಂದಿ ವರ್ಗ.
ಸಮಯಕ್ಕೆ ಸರಿಯಾಗಿ ಕಂದಾಯ ಪಾವತಿಸಿ, ಗ್ರಾಮ ಪಂಚಾಯಿತಿ ಅಭಿವೃದ್ಧಿಗೆ ಸಹಕರಿಸಿ.
PRINTED BY: T.S.KRISHNAMURTHY, ANJANADRI PRINTERS, 4th CROSS, VINAYAKA NAGARA, TUMAKURU-572101. KARNATAKA, PUBLISHED BY: MANJUNATHA.P.N., S.L.N.BUILDING, KEMPEGOWDA ROAD, AMARAJHOTHYNAGARA, TUMKURU DISTRIKARNATAKA. OWNED BY: MANJUNATHA.P.N., S.L.N.BUILDING, KEMPEGOWDA ROAD, AMARAJHOTHYNAGARA, TUMKURU DISTRICT.KARNATAKA.. PRNTED AT: ANJANADRI PRINTERS, 4th CROSS, VINAYAKA NAGARA, TUMAKURU-572101. KARNATAKA, PUBLISHED AT: TUMKURU, S.L.N.BUILDING, KEMPEGOWDA ROAD, AMARAJHOTHYNAGARA, TUMKURU DISTRICT. KARNATAKA. EDITOR: MANJUNATHA.P.N., S.L.N.BUILDING, KEMPEGOWDA ROAD, AMARAJHOTHYNAGARA, TUMKURU DISTRICT. KARNATAKA.
